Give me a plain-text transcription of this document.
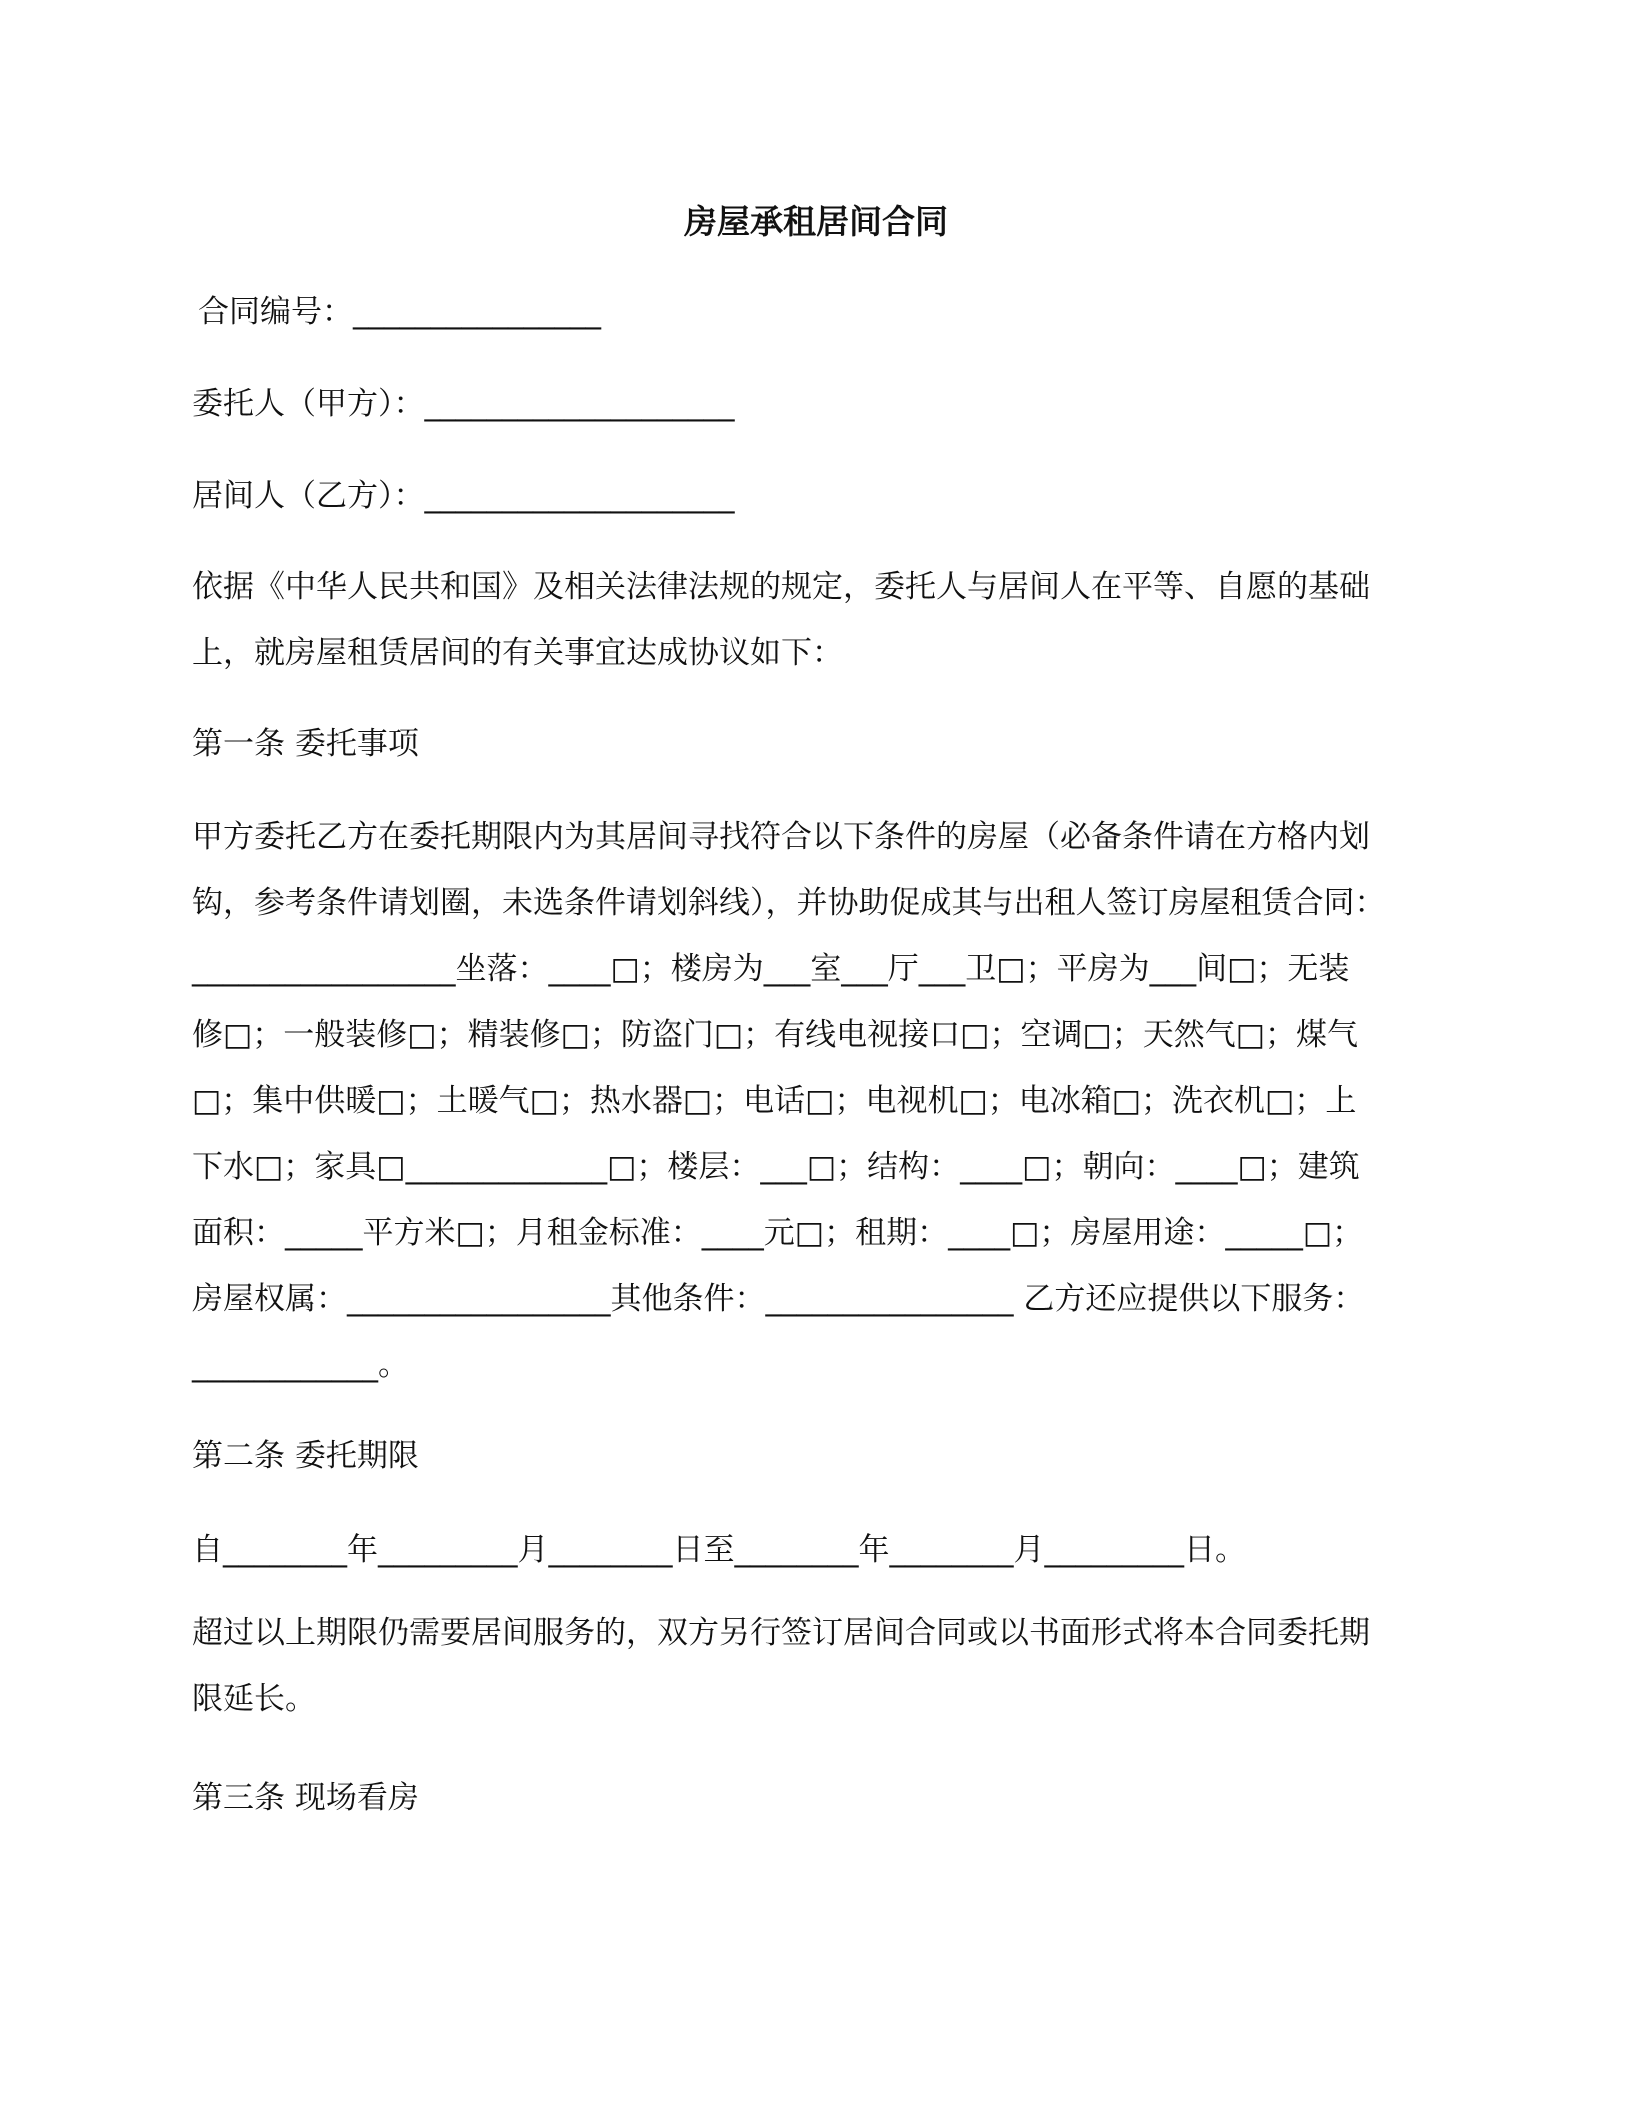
房屋承租居间合同
合同编号：________________
委托人（甲方）：____________________
居间人（乙方）：____________________
依据《中华人民共和国》及相关法律法规的规定，委托人与居间人在平等、自愿的基础
上，就房屋租赁居间的有关事宜达成协议如下：
第一条 委托事项
甲方委托乙方在委托期限内为其居间寻找符合以下条件的房屋（必备条件请在方格内划
钩，参考条件请划圈，未选条件请划斜线），并协助促成其与出租人签订房屋租赁合同：
_________________坐落：____□；楼房为___室___厅___卫□；平房为___间□；无装
修□；一般装修□；精装修□；防盗门□；有线电视接口□；空调□；天然气□；煤气
□；集中供暖□；土暖气□；热水器□；电话□；电视机□；电冰箱□；洗衣机□；上
下水□；家具□_____________□；楼层：___□；结构：____□；朝向：____□；建筑
面积：_____平方米□；月租金标准：____元□；租期：____□；房屋用途：_____□；
房屋权属：_________________其他条件：________________ 乙方还应提供以下服务：
____________。
第二条 委托期限
自________年_________月________日至________年________月_________日。
超过以上期限仍需要居间服务的，双方另行签订居间合同或以书面形式将本合同委托期
限延长。
第三条 现场看房
